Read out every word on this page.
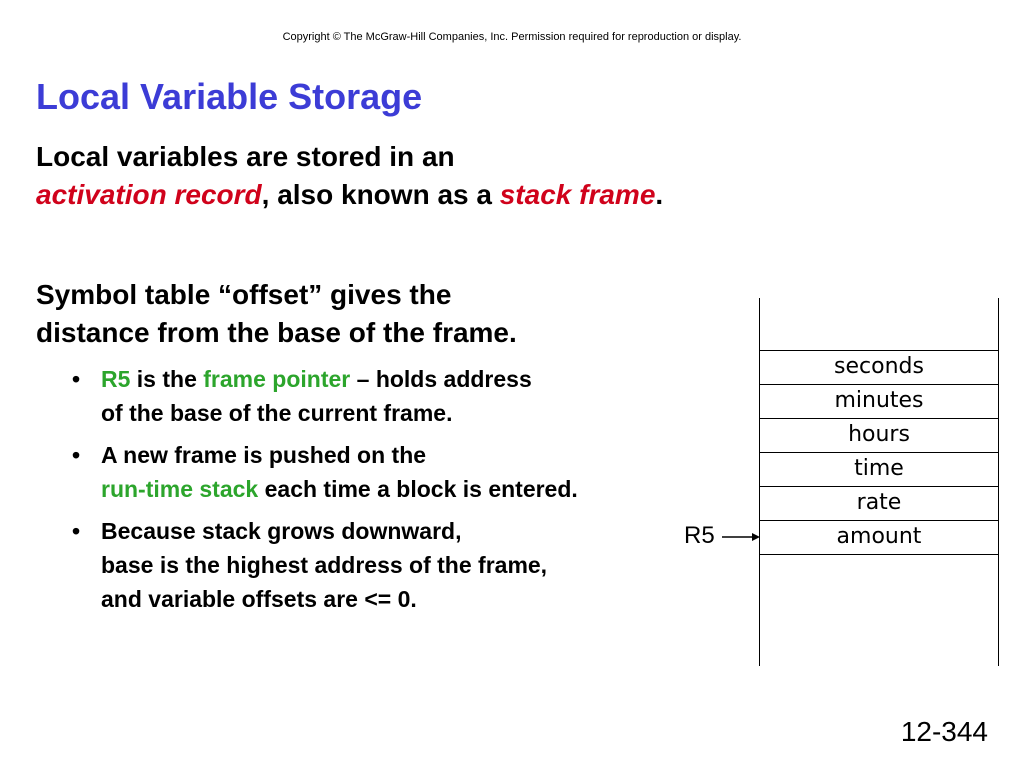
Copyright © The McGraw-Hill Companies, Inc. Permission required for reproduction or display.
Local Variable Storage

Local variables are stored in an
activation record, also known as a stack frame.

Symbol table “offset” gives the
distance from the base of the frame.

• R5 is the frame pointer – holds address
of the base of the current frame.
• A new frame is pushed on the
run-time stack each time a block is entered.
• Because stack grows downward,
base is the highest address of the frame,
and variable offsets are <= 0.
seconds
minutes
hours
time
rate
amount
R5
12-344
